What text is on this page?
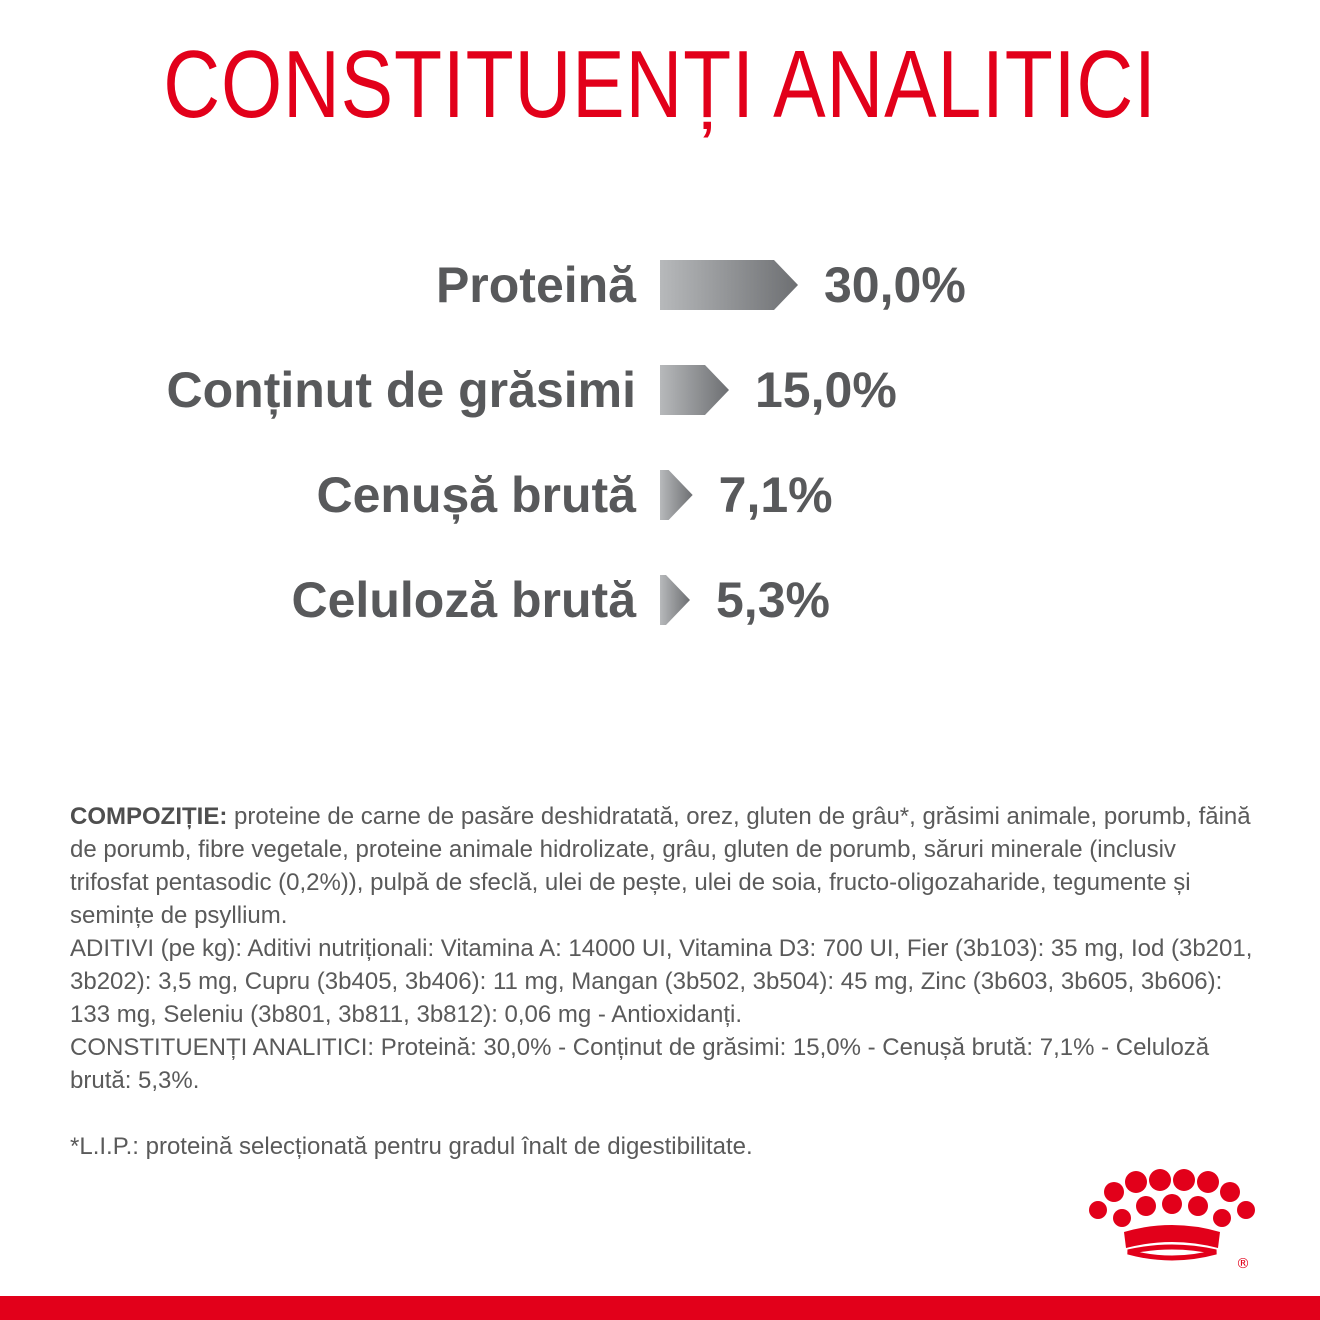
CONSTITUENȚI ANALITICI
Proteină	30,0%
Conținut de grăsimi 15,0%
Cenușă brută 7,1%
Celuloză brută 5,3%

COMPOZIȚIE: proteine de carne de pasăre deshidratată, orez, gluten de grâu*, grăsimi animale, porumb, făină de porumb, fibre vegetale, proteine animale hidrolizate, grâu, gluten de porumb, săruri minerale (inclusiv trifosfat pentasodic (0,2%)), pulpă de sfeclă, ulei de pește, ulei de soia, fructo-oligozaharide, tegumente și semințe de psyllium.

ADITIVI (pe kg): Aditivi nutriționali: Vitamina A: 14000 UI, Vitamina D3: 700 UI, Fier (3b103): 35 mg, Iod (3b201, 3b202): 3,5 mg, Cupru (3b405, 3b406): 11 mg, Mangan (3b502, 3b504): 45 mg, Zinc (3b603, 3b605, 3b606): 133 mg, Seleniu (3b801, 3b811, 3b812): 0,06 mg - Antioxidanți.

CONSTITUENȚI ANALITICI: Proteină: 30,0% - Conținut de grăsimi: 15,0% - Cenușă brută: 7,1% - Celuloză brută: 5,3%.

*L.I.P.: proteină selecționată pentru gradul înalt de digestibilitate.

®
